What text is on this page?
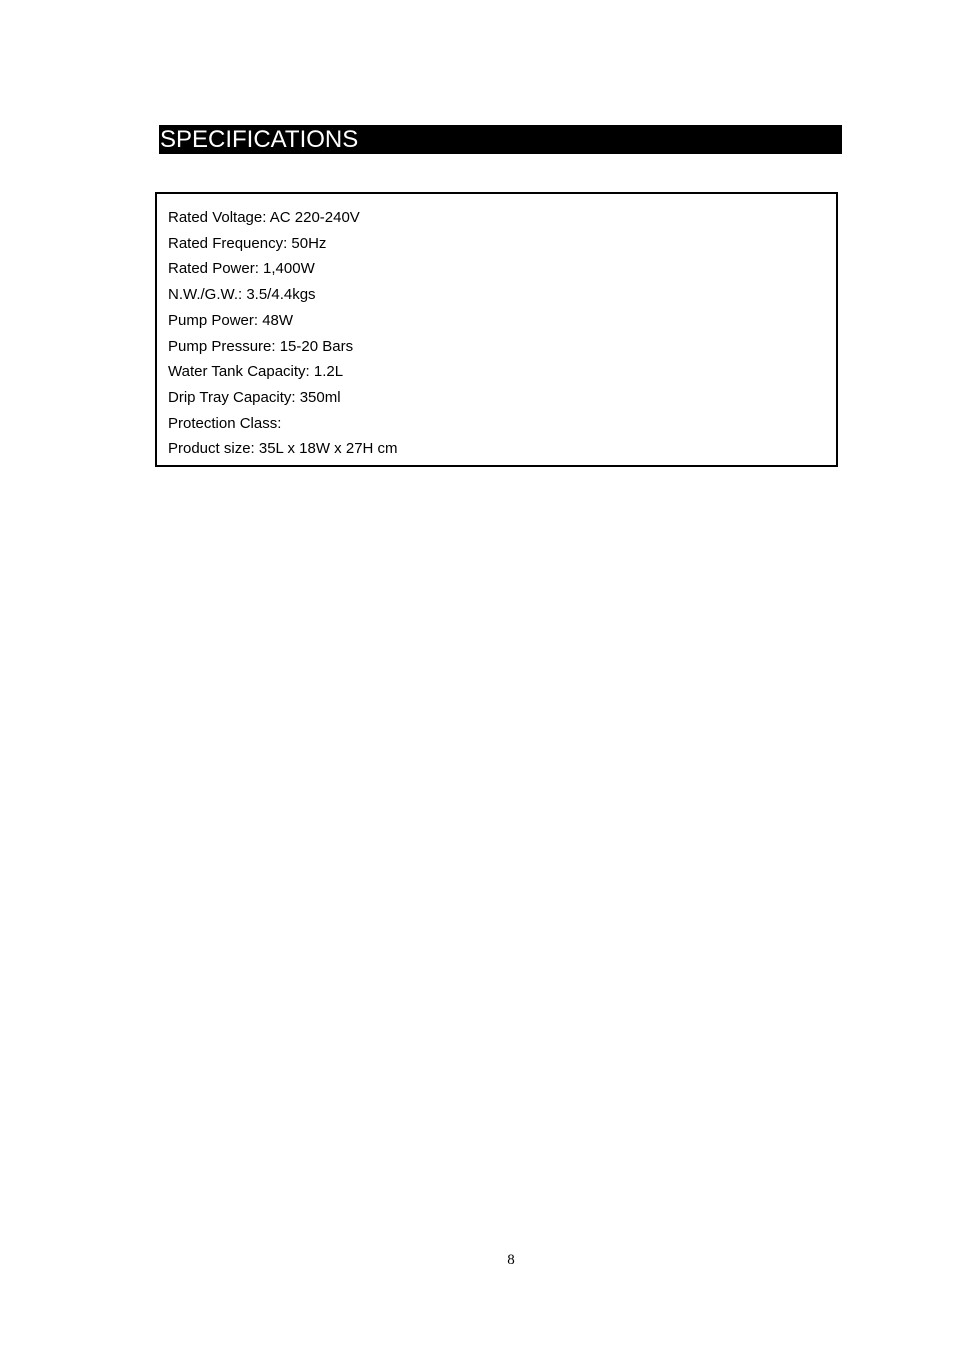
SPECIFICATIONS
Rated Voltage: AC 220-240V
Rated Frequency: 50Hz
Rated Power: 1,400W
N.W./G.W.: 3.5/4.4kgs
Pump Power: 48W
Pump Pressure: 15-20 Bars
Water Tank Capacity: 1.2L
Drip Tray Capacity: 350ml
Protection Class:
Product size: 35L x 18W x 27H cm
8
